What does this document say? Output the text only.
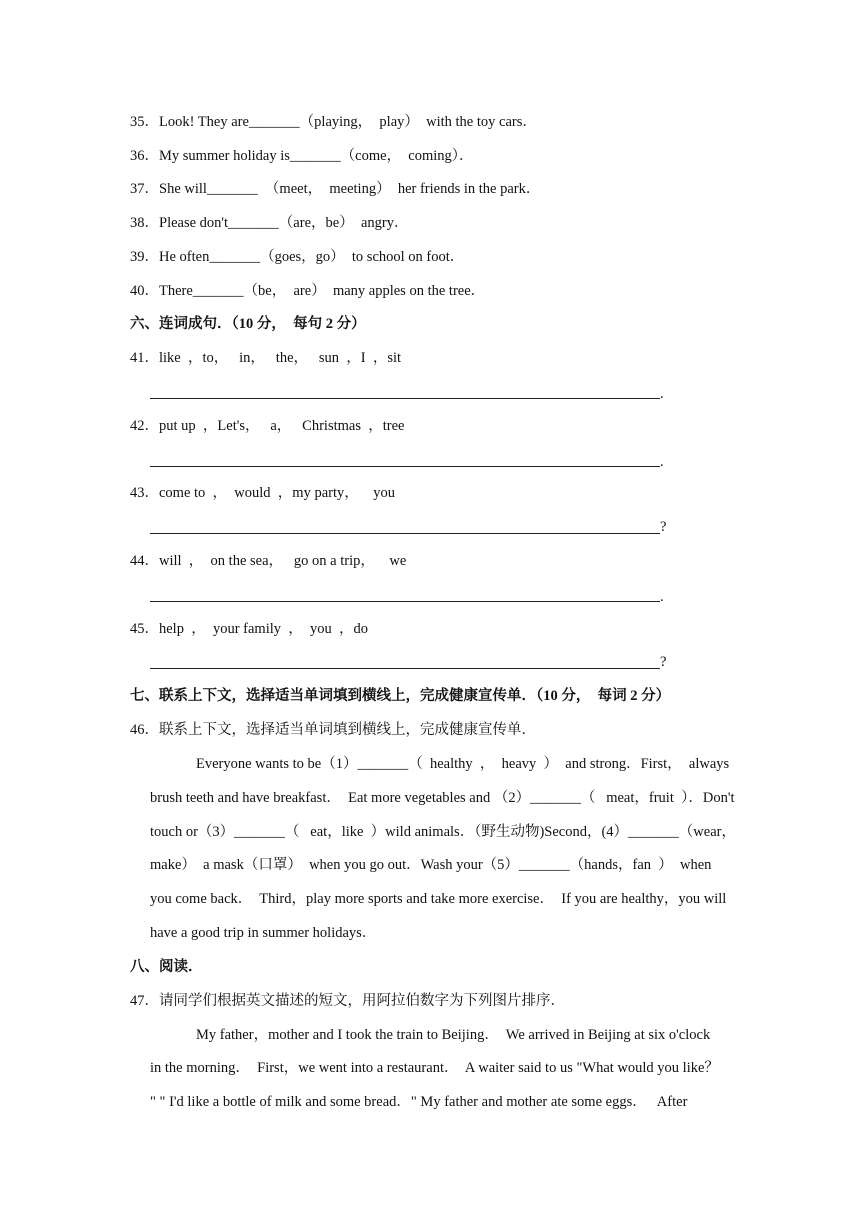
35．Look! They are_______（playing，  play）  with the toy cars．
36．My summer holiday is_______（come，  coming）．
37．She will_______  （meet，  meeting）  her friends in the park．
38．Please don't_______（are，be）  angry．
39．He often_______（goes，go）  to school on foot．
40．There_______（be，  are）  many apples on the tree．
六、连词成句．（10 分，  每句 2 分）
41．like  ，to，   in，   the，   sun  ，I  ，sit
.
42．put up  ，Let's，   a，   Christmas  ，tree
.
43．come to  ，  would  ，my party，    you
?
44．will  ，  on the sea，   go on a trip，    we
.
45．help  ，  your family  ，  you  ，do
?
七、联系上下文，选择适当单词填到横线上，完成健康宣传单．（10 分，  每词 2 分）
46．联系上下文，选择适当单词填到横线上，完成健康宣传单．
Everyone wants to be（1）_______（  healthy  ，  heavy  ）  and strong．First，  always
brush teeth and have breakfast．  Eat more vegetables and （2）_______（   meat，fruit  ）．Don't
touch or（3）_______（   eat，like  ）wild animals．（野生动物)Second，(4）_______（wear，
make）  a mask（口罩）  when you go out．Wash your（5）_______（hands，fan  ）  when
you come back．  Third，play more sports and take more exercise．  If you are healthy，you will
have a good trip in summer holidays．
八、阅读．
47．请同学们根据英文描述的短文，用阿拉伯数字为下列图片排序．
My father，mother and I took the train to Beijing．  We arrived in Beijing at six o'clock
in the morning．  First，we went into a restaurant．  A waiter said to us "What would you like？
" " I'd like a bottle of milk and some bread．" My father and mother ate some eggs．   After
